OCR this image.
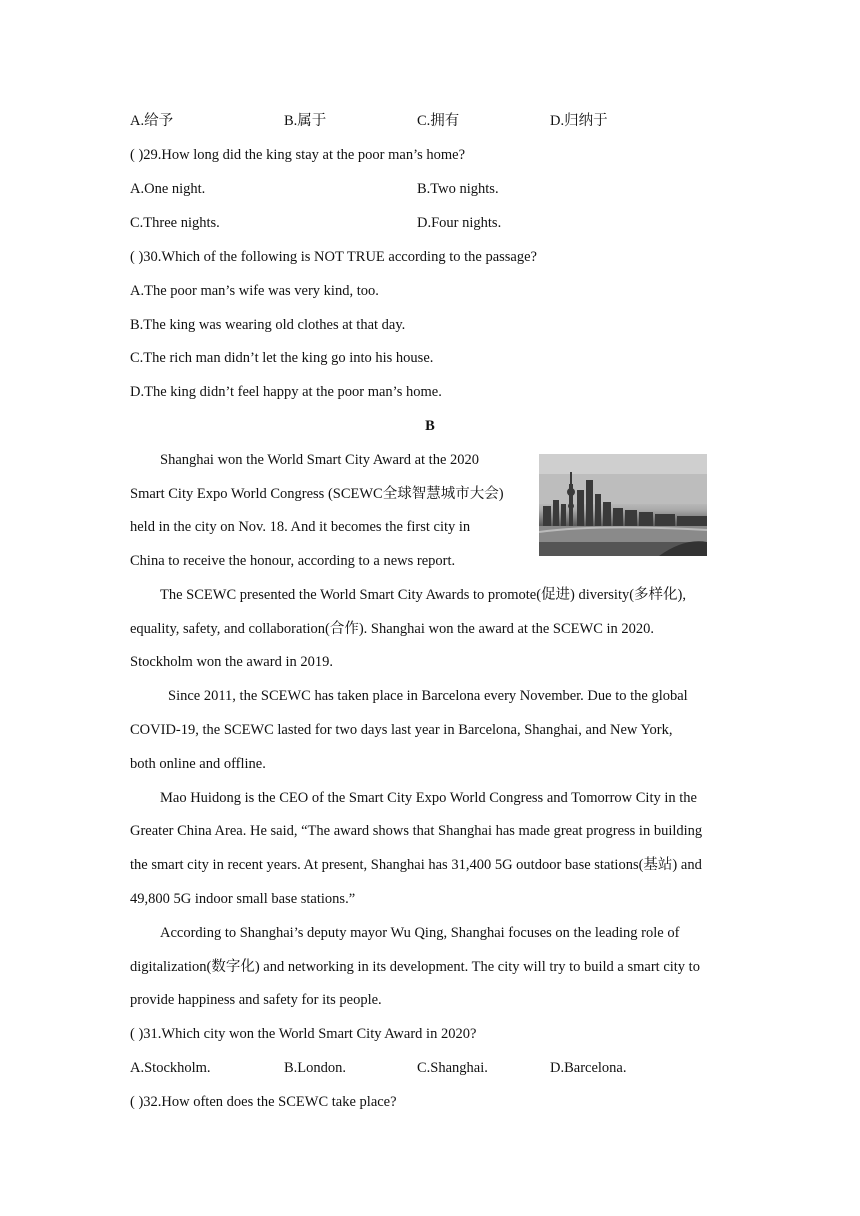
A.给予	B.属于	C.拥有	D.归纳于
( )29.How long did the king stay at the poor man’s home?
A.One night.	B.Two nights.
C.Three nights.	D.Four nights.
( )30.Which of the following is NOT TRUE according to the passage?
A.The poor man’s wife was very kind, too.
B.The king was wearing old clothes at that day.
C.The rich man didn’t let the king go into his house.
D.The king didn’t feel happy at the poor man’s home.
B
Shanghai won the World Smart City Award at the 2020
Smart City Expo World Congress (SCEWC全球智慧城市大会)
held in the city on Nov. 18. And it becomes the first city in
China to receive the honour, according to a news report.
The SCEWC presented the World Smart City Awards to promote(促进) diversity(多样化),
equality, safety, and collaboration(合作). Shanghai won the award at the SCEWC in 2020.
Stockholm won the award in 2019.
Since 2011, the SCEWC has taken place in Barcelona every November. Due to the global
COVID-19, the SCEWC lasted for two days last year in Barcelona, Shanghai, and New York,
both online and offline.
Mao Huidong is the CEO of the Smart City Expo World Congress and Tomorrow City in the
Greater China Area. He said, “The award shows that Shanghai has made great progress in building
the smart city in recent years. At present, Shanghai has 31,400 5G outdoor base stations(基站) and
49,800 5G indoor small base stations.”
According to Shanghai’s deputy mayor Wu Qing, Shanghai focuses on the leading role of
digitalization(数字化) and networking in its development. The city will try to build a smart city to
provide happiness and safety for its people.
( )31.Which city won the World Smart City Award in 2020?
A.Stockholm.	B.London.	C.Shanghai.	D.Barcelona.
( )32.How often does the SCEWC take place?
